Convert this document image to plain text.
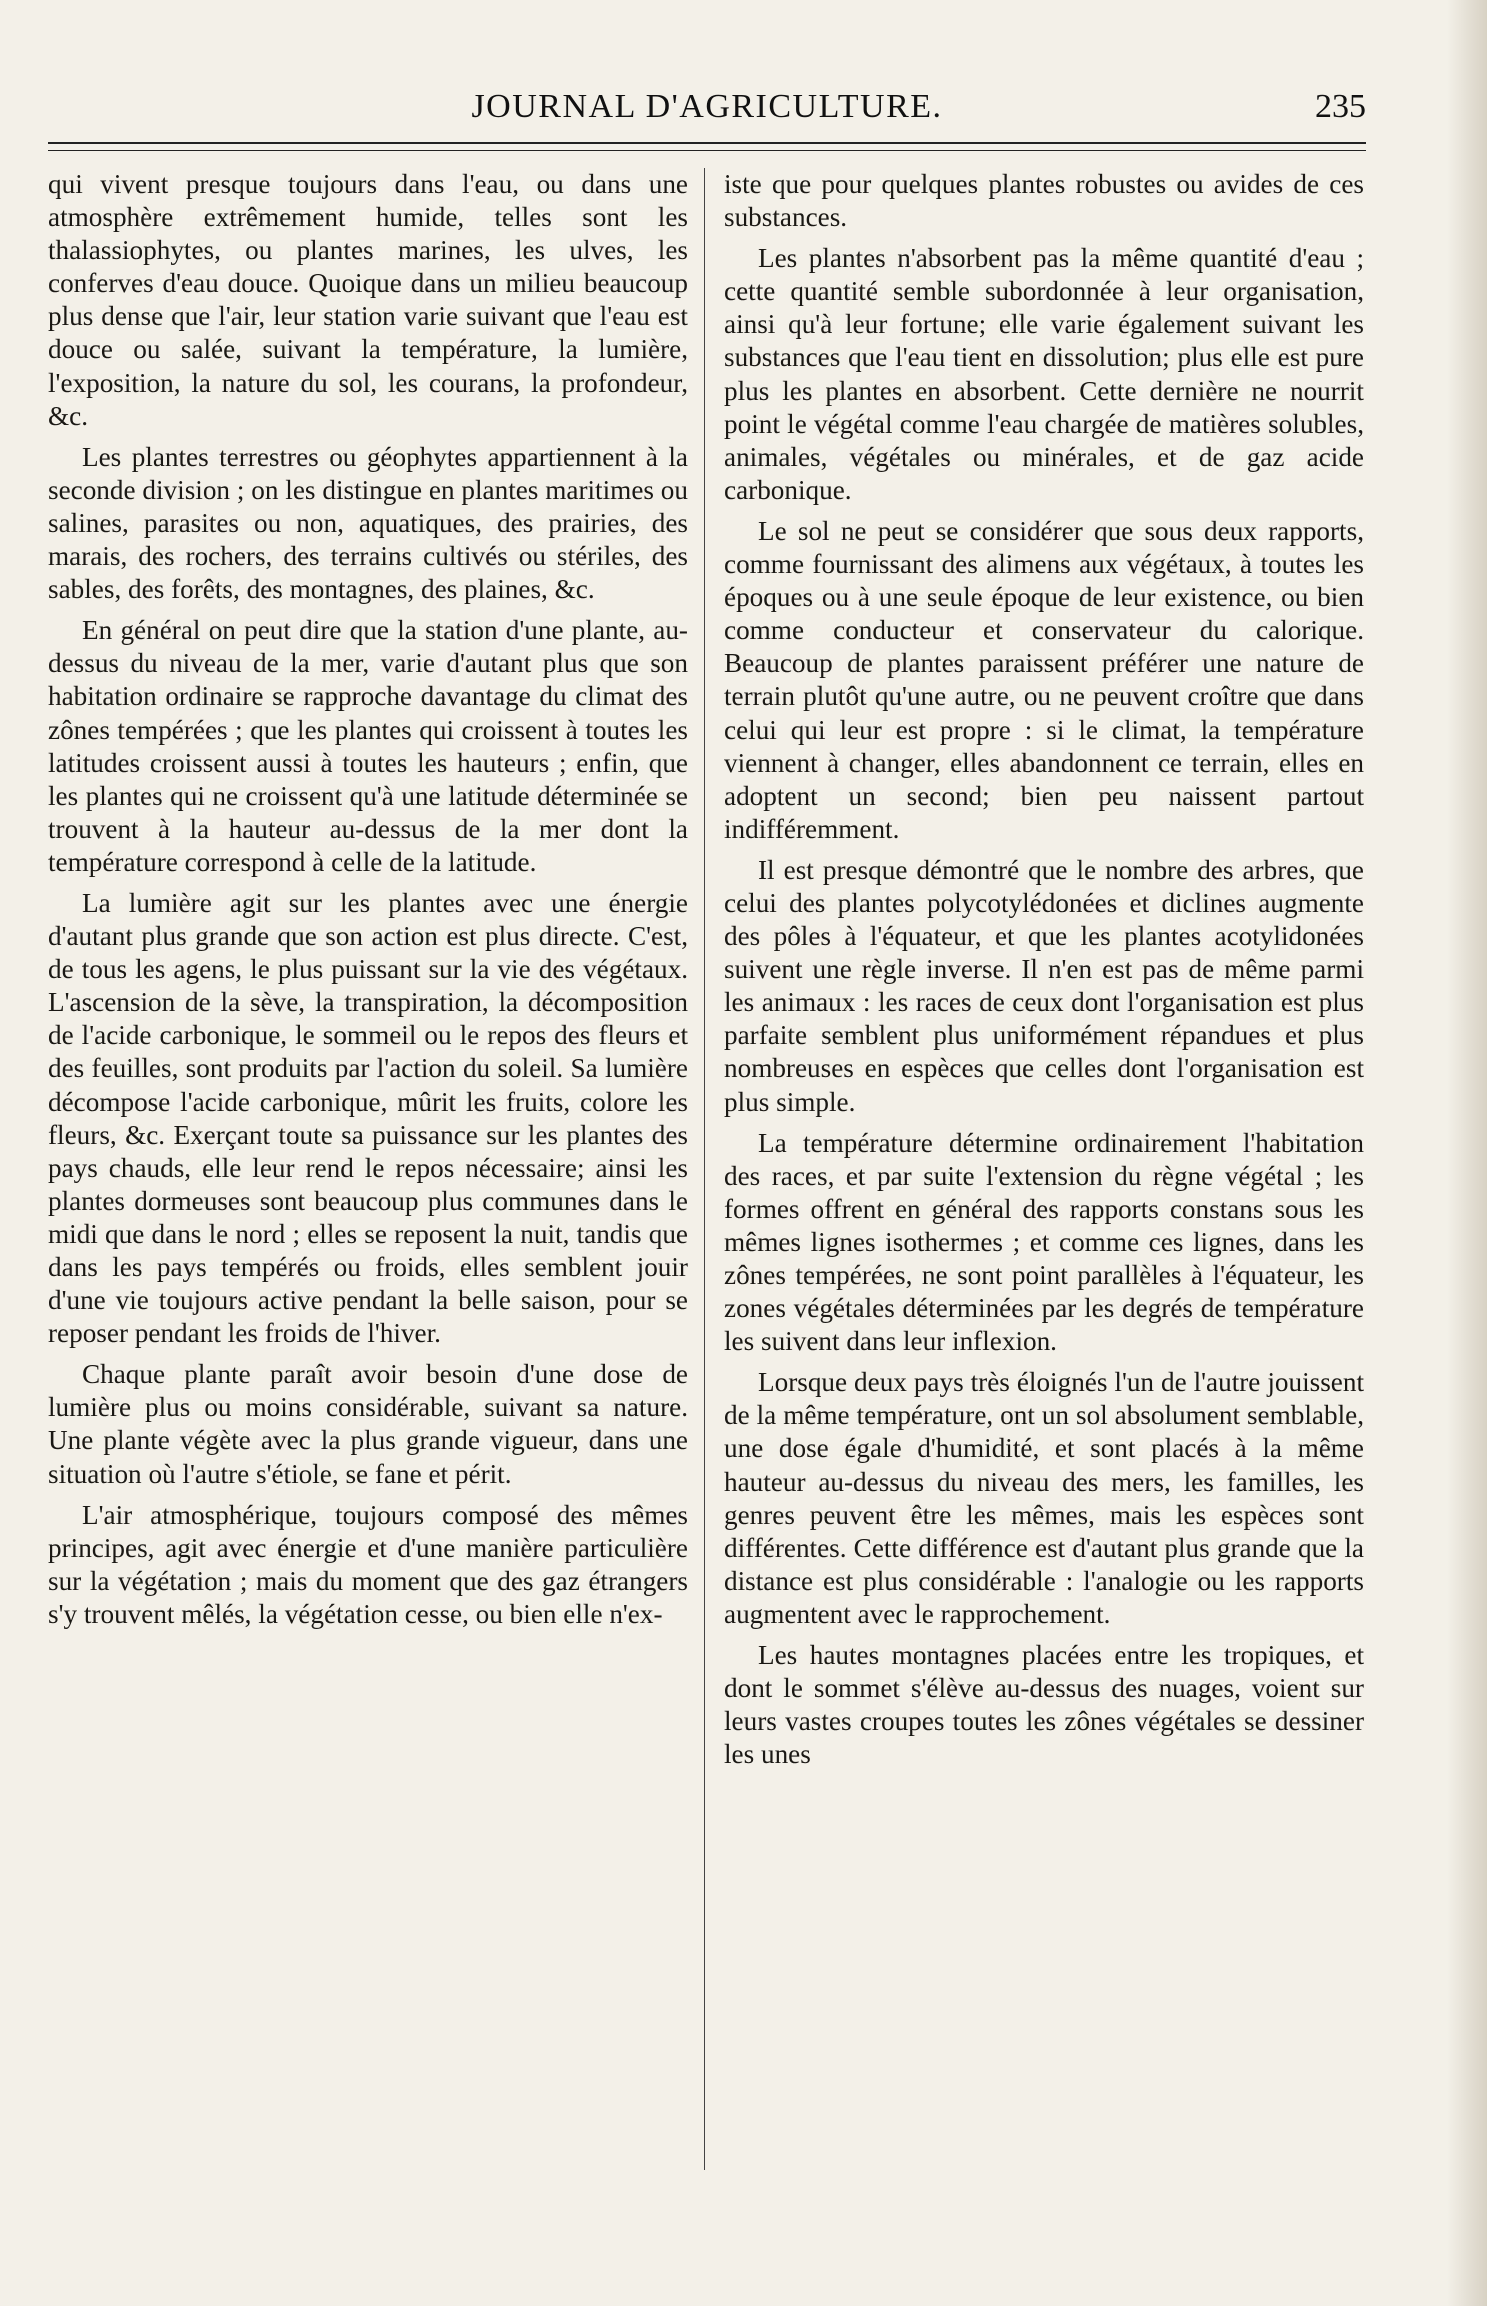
JOURNAL D'AGRICULTURE.	235

qui vivent presque toujours dans l'eau, ou dans une atmosphère extrêmement humide, telles sont les thalassiophytes, ou plantes marines, les ulves, les conferves d'eau douce. Quoique dans un milieu beaucoup plus dense que l'air, leur station varie suivant que l'eau est douce ou salée, suivant la température, la lumière, l'exposition, la nature du sol, les courans, la profondeur, &c.

Les plantes terrestres ou géophytes appartiennent à la seconde division ; on les distingue en plantes maritimes ou salines, parasites ou non, aquatiques, des prairies, des marais, des rochers, des terrains cultivés ou stériles, des sables, des forêts, des montagnes, des plaines, &c.

En général on peut dire que la station d'une plante, au-dessus du niveau de la mer, varie d'autant plus que son habitation ordinaire se rapproche davantage du climat des zônes tempérées ; que les plantes qui croissent à toutes les latitudes croissent aussi à toutes les hauteurs ; enfin, que les plantes qui ne croissent qu'à une latitude déterminée se trouvent à la hauteur au-dessus de la mer dont la température correspond à celle de la latitude.

La lumière agit sur les plantes avec une énergie d'autant plus grande que son action est plus directe. C'est, de tous les agens, le plus puissant sur la vie des végétaux. L'ascension de la sève, la transpiration, la décomposition de l'acide carbonique, le sommeil ou le repos des fleurs et des feuilles, sont produits par l'action du soleil. Sa lumière décompose l'acide carbonique, mûrit les fruits, colore les fleurs, &c. Exerçant toute sa puissance sur les plantes des pays chauds, elle leur rend le repos nécessaire; ainsi les plantes dormeuses sont beaucoup plus communes dans le midi que dans le nord ; elles se reposent la nuit, tandis que dans les pays tempérés ou froids, elles semblent jouir d'une vie toujours active pendant la belle saison, pour se reposer pendant les froids de l'hiver.

Chaque plante paraît avoir besoin d'une dose de lumière plus ou moins considérable, suivant sa nature. Une plante végète avec la plus grande vigueur, dans une situation où l'autre s'étiole, se fane et périt.

L'air atmosphérique, toujours composé des mêmes principes, agit avec énergie et d'une manière particulière sur la végétation ; mais du moment que des gaz étrangers s'y trouvent mêlés, la végétation cesse, ou bien elle n'ex-

iste que pour quelques plantes robustes ou avides de ces substances.

Les plantes n'absorbent pas la même quantité d'eau ; cette quantité semble subordonnée à leur organisation, ainsi qu'à leur fortune; elle varie également suivant les substances que l'eau tient en dissolution; plus elle est pure plus les plantes en absorbent. Cette dernière ne nourrit point le végétal comme l'eau chargée de matières solubles, animales, végétales ou minérales, et de gaz acide carbonique.

Le sol ne peut se considérer que sous deux rapports, comme fournissant des alimens aux végétaux, à toutes les époques ou à une seule époque de leur existence, ou bien comme conducteur et conservateur du calorique. Beaucoup de plantes paraissent préférer une nature de terrain plutôt qu'une autre, ou ne peuvent croître que dans celui qui leur est propre : si le climat, la température viennent à changer, elles abandonnent ce terrain, elles en adoptent un second; bien peu naissent partout indifféremment.

Il est presque démontré que le nombre des arbres, que celui des plantes polycotylédonées et diclines augmente des pôles à l'équateur, et que les plantes acotylidonées suivent une règle inverse. Il n'en est pas de même parmi les animaux : les races de ceux dont l'organisation est plus parfaite semblent plus uniformément répandues et plus nombreuses en espèces que celles dont l'organisation est plus simple.

La température détermine ordinairement l'habitation des races, et par suite l'extension du règne végétal ; les formes offrent en général des rapports constans sous les mêmes lignes isothermes ; et comme ces lignes, dans les zônes tempérées, ne sont point parallèles à l'équateur, les zones végétales déterminées par les degrés de température les suivent dans leur inflexion.

Lorsque deux pays très éloignés l'un de l'autre jouissent de la même température, ont un sol absolument semblable, une dose égale d'humidité, et sont placés à la même hauteur au-dessus du niveau des mers, les familles, les genres peuvent être les mêmes, mais les espèces sont différentes. Cette différence est d'autant plus grande que la distance est plus considérable : l'analogie ou les rapports augmentent avec le rapprochement.

Les hautes montagnes placées entre les tropiques, et dont le sommet s'élève au-dessus des nuages, voient sur leurs vastes croupes toutes les zônes végétales se dessiner les unes
